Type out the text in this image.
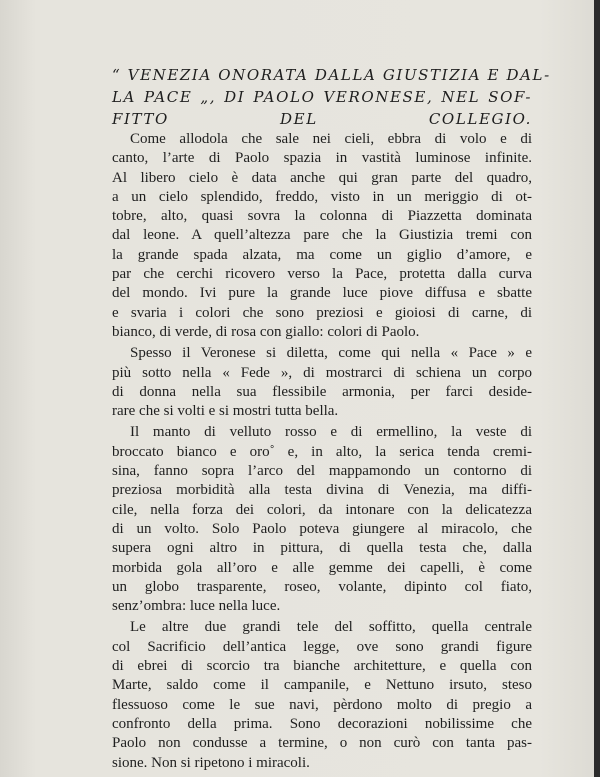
“ VENEZIA ONORATA DALLA GIUSTIZIA E DAL-
LA PACE „, DI PAOLO VERONESE, NEL SOF-
FITTO DEL COLLEGIO.
Come allodola che sale nei cieli, ebbra di volo e di
canto, l’arte di Paolo spazia in vastità luminose infinite.
Al libero cielo è data anche qui gran parte del quadro,
a un cielo splendido, freddo, visto in un meriggio di ot-
tobre, alto, quasi sovra la colonna di Piazzetta dominata
dal leone. A quell’altezza pare che la Giustizia tremi con
la grande spada alzata, ma come un giglio d’amore, e
par che cerchi ricovero verso la Pace, protetta dalla curva
del mondo. Ivi pure la grande luce piove diffusa e sbatte
e svaria i colori che sono preziosi e gioiosi di carne, di
bianco, di verde, di rosa con giallo: colori di Paolo.
Spesso il Veronese si diletta, come qui nella « Pace » e
più sotto nella « Fede », di mostrarci di schiena un corpo
di donna nella sua flessibile armonia, per farci deside-
rare che si volti e si mostri tutta bella.
Il manto di velluto rosso e di ermellino, la veste di
broccato bianco e oro˚ e, in alto, la serica tenda cremi-
sina, fanno sopra l’arco del mappamondo un contorno di
preziosa morbidità alla testa divina di Venezia, ma diffi-
cile, nella forza dei colori, da intonare con la delicatezza
di un volto. Solo Paolo poteva giungere al miracolo, che
supera ogni altro in pittura, di quella testa che, dalla
morbida gola all’oro e alle gemme dei capelli, è come
un globo trasparente, roseo, volante, dipinto col fiato,
senz’ombra: luce nella luce.
Le altre due grandi tele del soffitto, quella centrale
col Sacrificio dell’antica legge, ove sono grandi figure
di ebrei di scorcio tra bianche architetture, e quella con
Marte, saldo come il campanile, e Nettuno irsuto, steso
flessuoso come le sue navi, pèrdono molto di pregio a
confronto della prima. Sono decorazioni nobilissime che
Paolo non condusse a termine, o non curò con tanta pas-
sione. Non si ripetono i miracoli.
